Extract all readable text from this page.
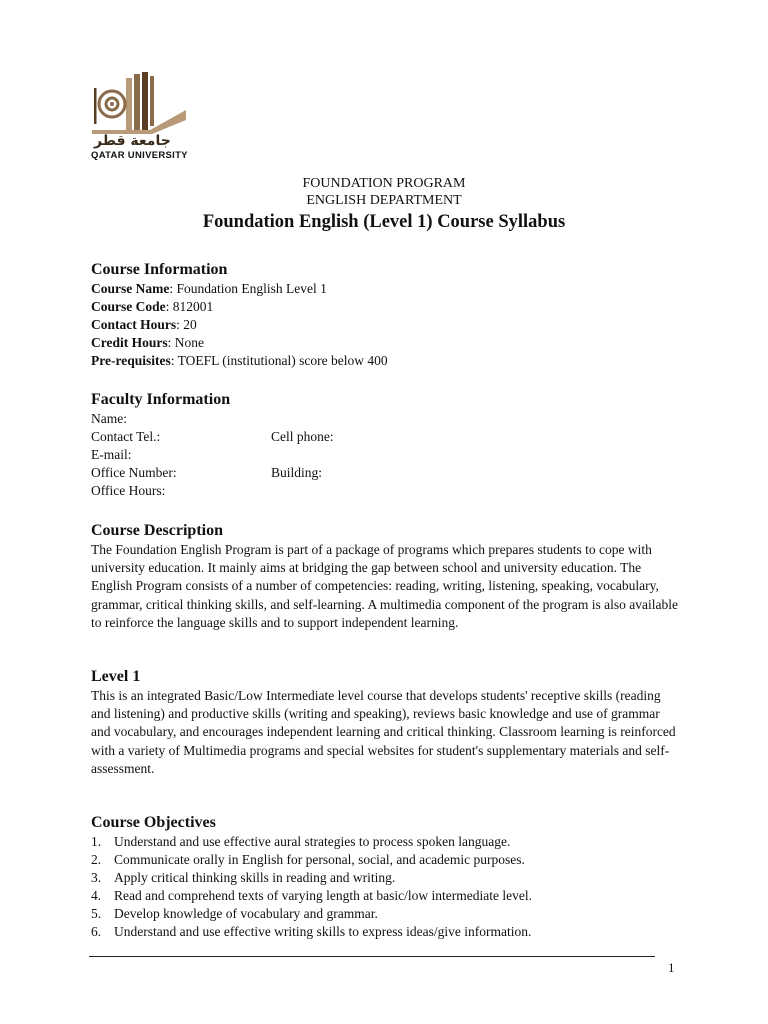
جامعة قطر
QATAR UNIVERSITY
FOUNDATION PROGRAM
ENGLISH DEPARTMENT
Foundation English (Level 1) Course Syllabus

Course Information

Course Name: Foundation English Level 1

Course Code: 812001

Contact Hours: 20

Credit Hours: None

Pre-requisites: TOEFL (institutional) score below 400

Faculty Information

Name:
Contact Tel.:	Cell phone:
E-mail:
Office Number:	Building:
Office Hours:

Course Description

The Foundation English Program is part of a package of programs which prepares students to cope with university education. It mainly aims at bridging the gap between school and university education. The English Program consists of a number of competencies: reading, writing, listening, speaking, vocabulary, grammar, critical thinking skills, and self-learning. A multimedia component of the program is also available to reinforce the language skills and to support independent learning.

Level 1

This is an integrated Basic/Low Intermediate level course that develops students' receptive skills (reading and listening) and productive skills (writing and speaking), reviews basic knowledge and use of grammar and vocabulary, and encourages independent learning and critical thinking. Classroom learning is reinforced with a variety of Multimedia programs and special websites for student's supplementary materials and self- assessment.

Course Objectives

1. Understand and use effective aural strategies to process spoken language.
2. Communicate orally in English for personal, social, and academic purposes.
3. Apply critical thinking skills in reading and writing.
4. Read and comprehend texts of varying length at basic/low intermediate level.
5. Develop knowledge of vocabulary and grammar.
6. Understand and use effective writing skills to express ideas/give information.
1
